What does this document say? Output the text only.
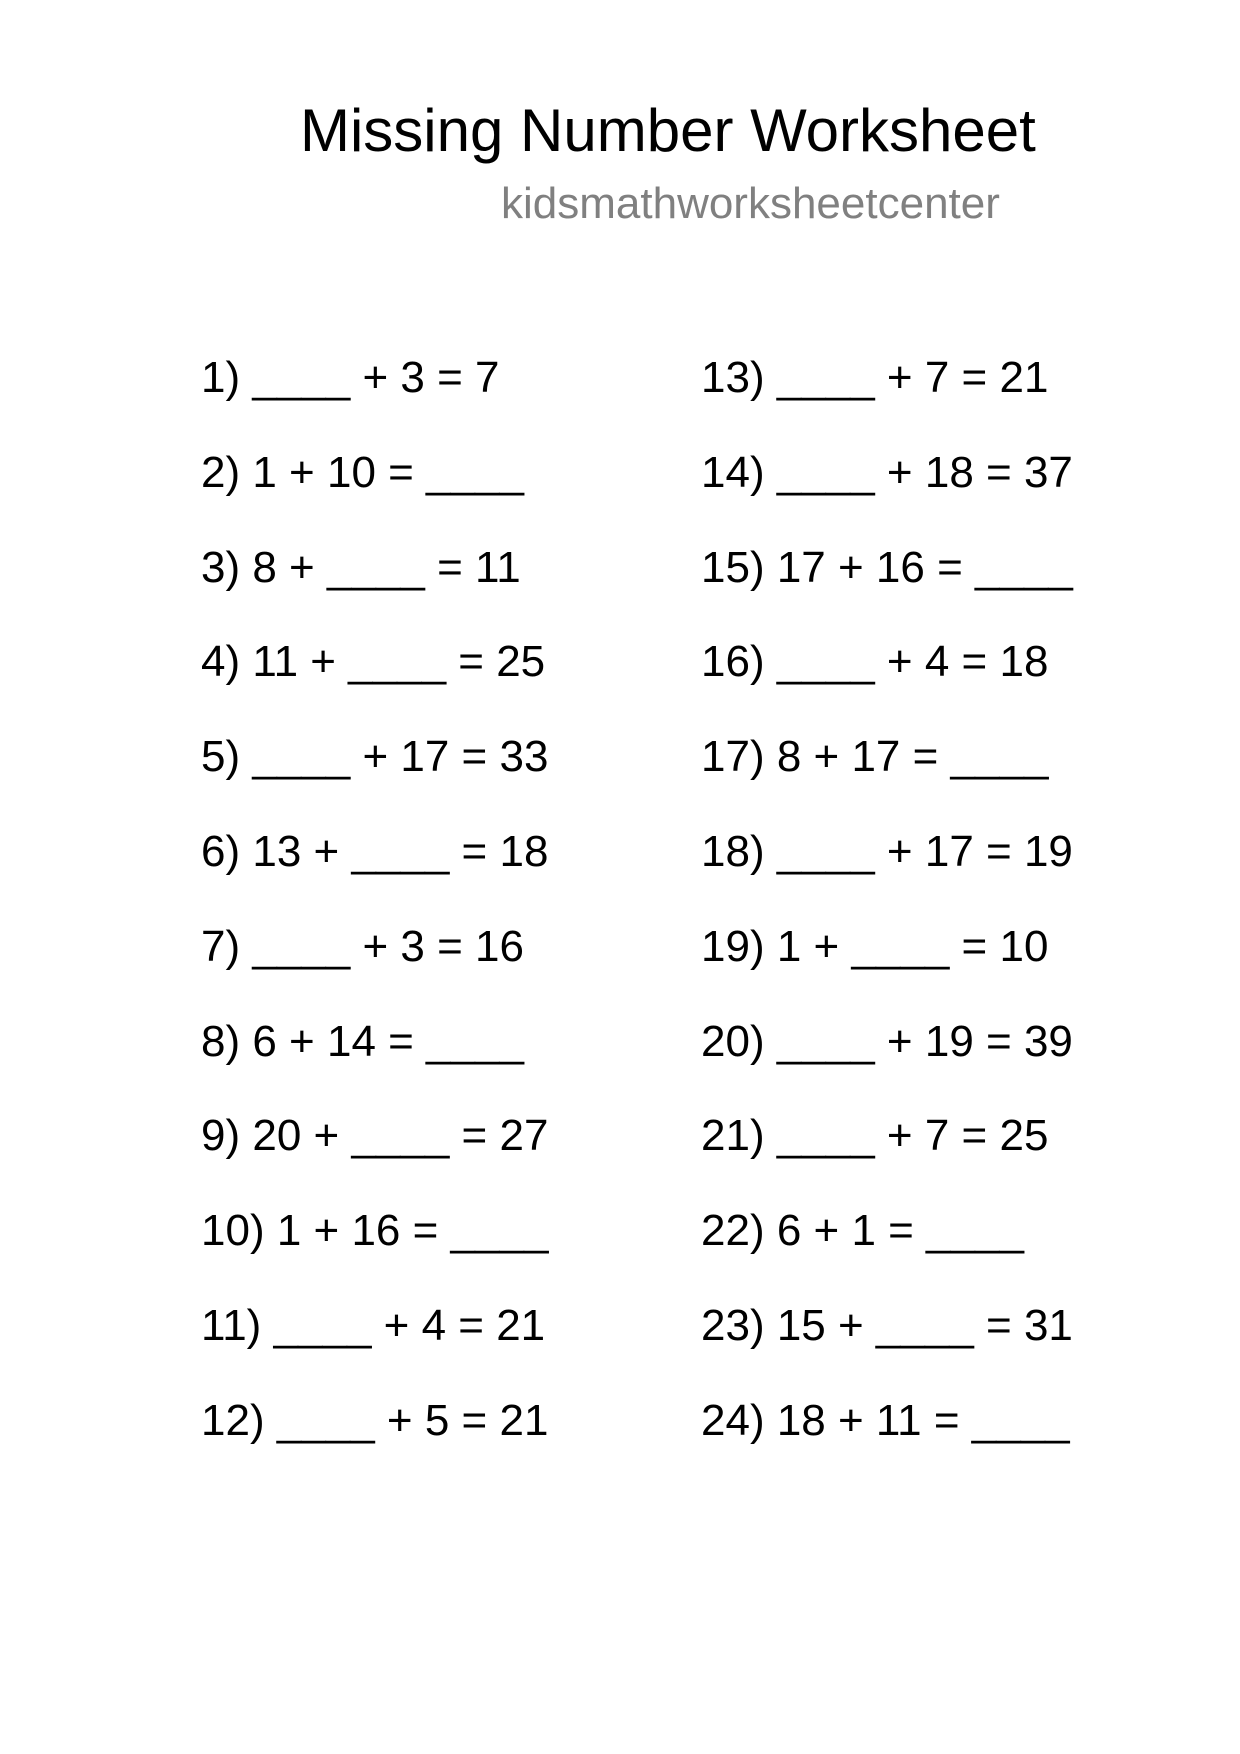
Missing Number Worksheet
kidsmathworksheetcenter
1) ____ + 3 = 7
2) 1 + 10 = ____
3) 8 + ____ = 11
4) 11 + ____ = 25
5) ____ + 17 = 33
6) 13 + ____ = 18
7) ____ + 3 = 16
8) 6 + 14 = ____
9) 20 + ____ = 27
10) 1 + 16 = ____
11) ____ + 4 = 21
12) ____ + 5 = 21
13) ____ + 7 = 21
14) ____ + 18 = 37
15) 17 + 16 = ____
16) ____ + 4 = 18
17) 8 + 17 = ____
18) ____ + 17 = 19
19) 1 + ____ = 10
20) ____ + 19 = 39
21) ____ + 7 = 25
22) 6 + 1 = ____
23) 15 + ____ = 31
24) 18 + 11 = ____
